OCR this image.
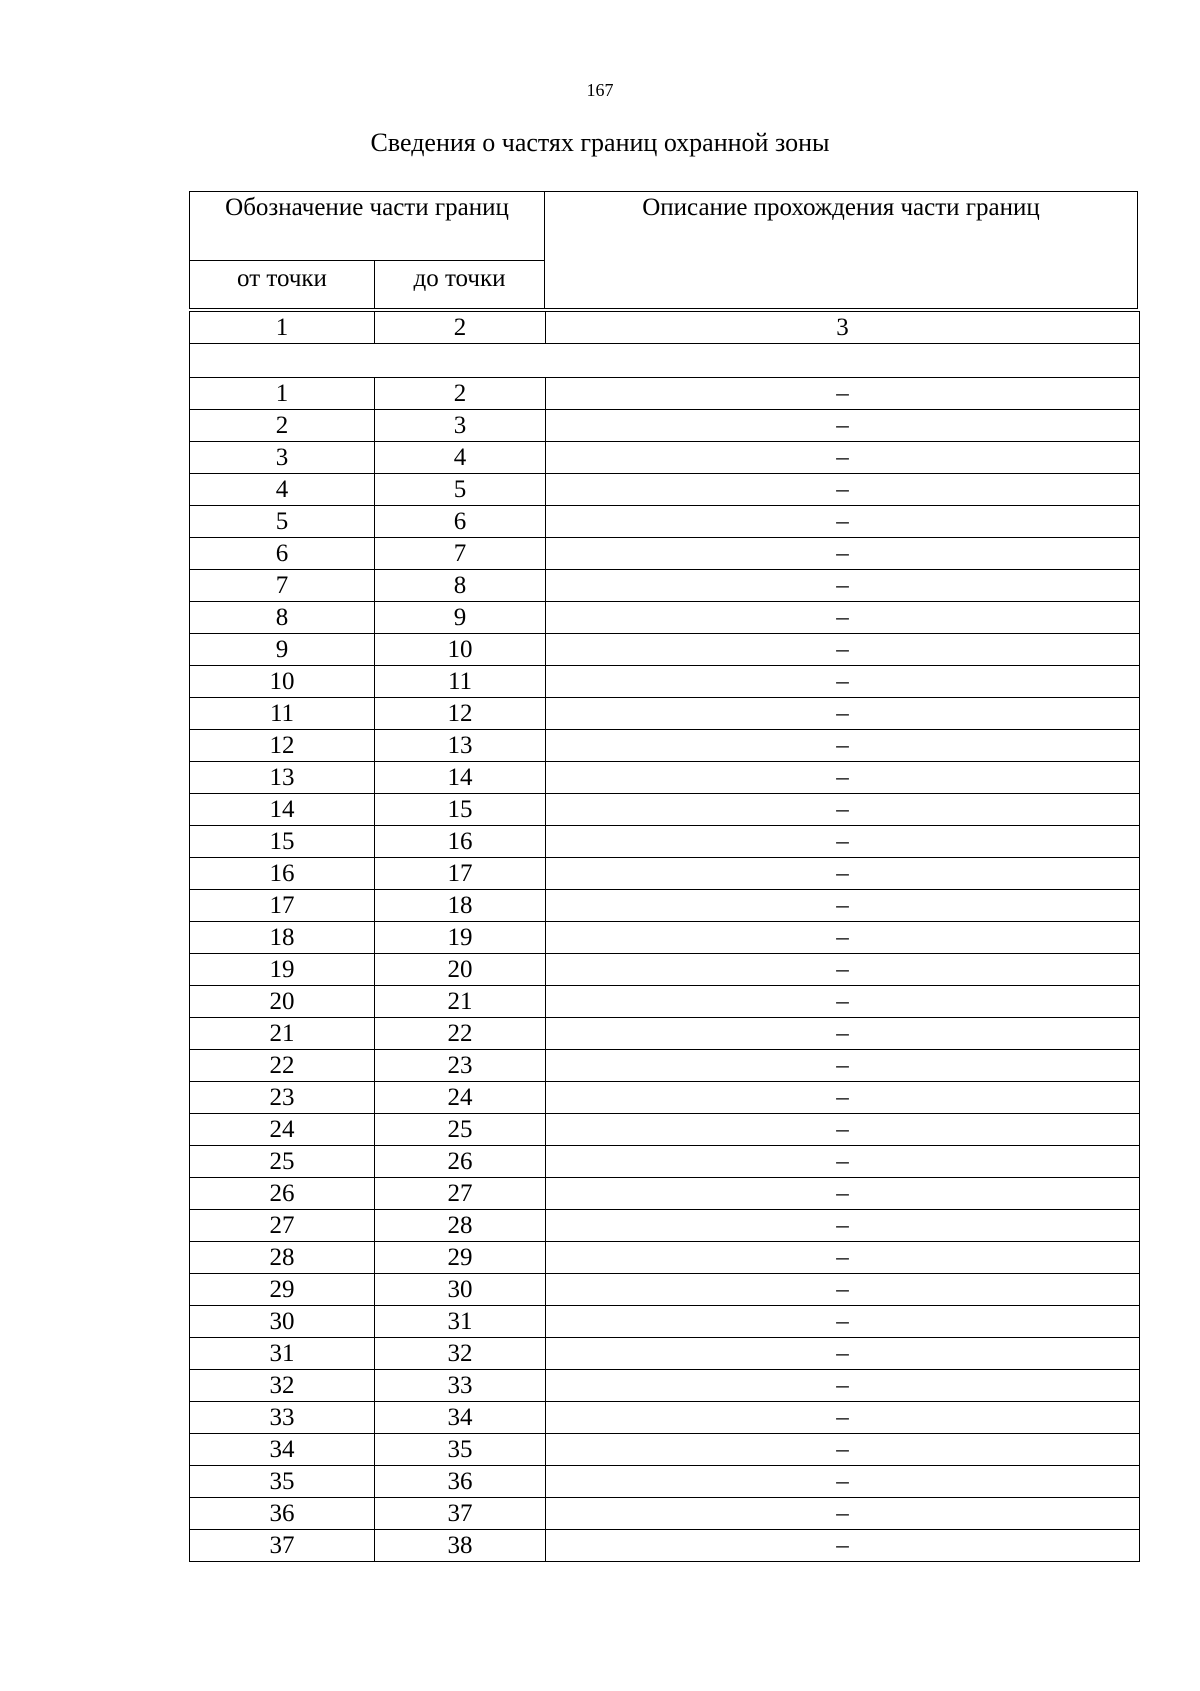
167
Сведения о частях границ охранной зоны
Обозначение части границ
от точки	до точки
Описание прохождения части границ
1	2	3

1	2	–
2	3	–
3	4	–
4	5	–
5	6	–
6	7	–
7	8	–
8	9	–
9	10	–
10	11	–
11	12	–
12	13	–
13	14	–
14	15	–
15	16	–
16	17	–
17	18	–
18	19	–
19	20	–
20	21	–
21	22	–
22	23	–
23	24	–
24	25	–
25	26	–
26	27	–
27	28	–
28	29	–
29	30	–
30	31	–
31	32	–
32	33	–
33	34	–
34	35	–
35	36	–
36	37	–
37	38	–
